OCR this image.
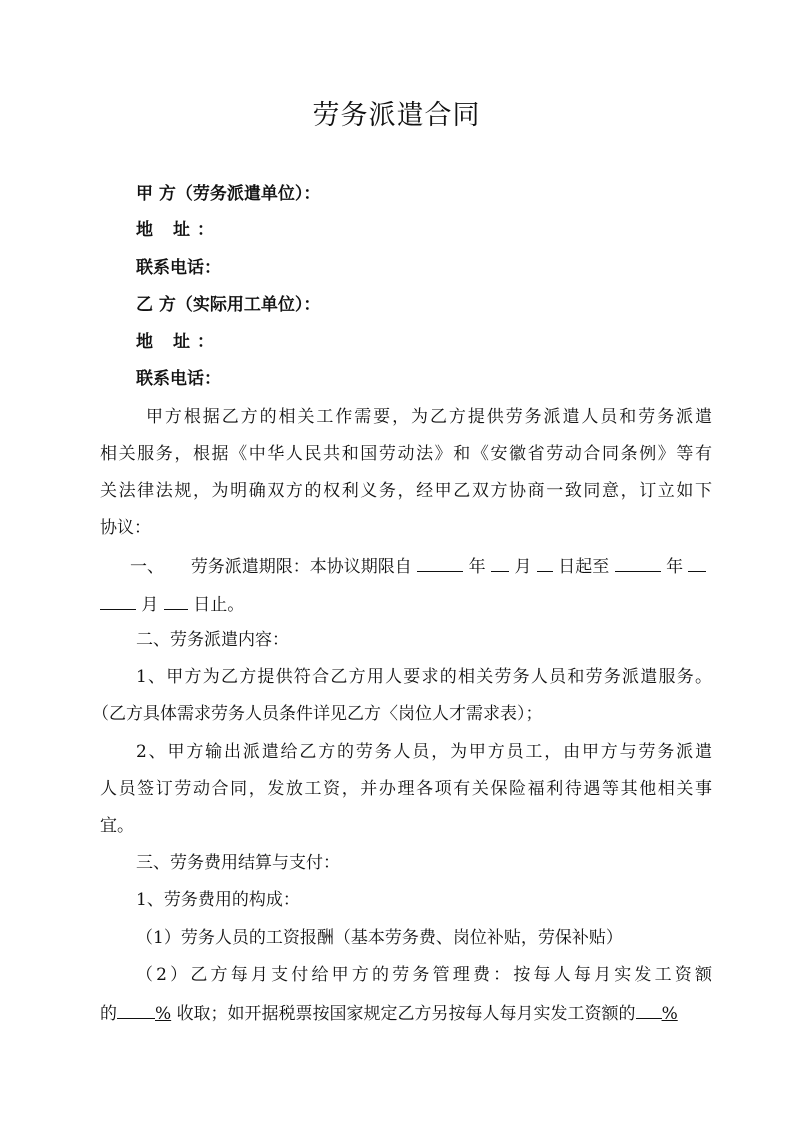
劳务派遣合同
甲 方（劳务派遣单位）：
地 址：
联系电话：
乙 方（实际用工单位）：
地 址：
联系电话：
甲方根据乙方的相关工作需要，为乙方提供劳务派遣人员和劳务派遣
相关服务，根据《中华人民共和国劳动法》和《安徽省劳动合同条例》等有
关法律法规，为明确双方的权利义务，经甲乙双方协商一致同意，订立如下
协议：
一、 劳务派遣期限：本协议期限自	年 月 日起至	年
月 日止。
二、劳务派遣内容：
1、甲方为乙方提供符合乙方用人要求的相关劳务人员和劳务派遣服务。
（乙方具体需求劳务人员条件详见乙方〈岗位人才需求表）；
2、甲方输出派遣给乙方的劳务人员，为甲方员工，由甲方与劳务派遣
人员签订劳动合同，发放工资，并办理各项有关保险福利待遇等其他相关事
宜。
三、劳务费用结算与支付：
1、劳务费用的构成：
（1）劳务人员的工资报酬（基本劳务费、岗位补贴，劳保补贴）
（2）乙方每月支付给甲方的劳务管理费：按每人每月实发工资额
的 % 收取；如开据税票按国家规定乙方另按每人每月实发工资额的 %
